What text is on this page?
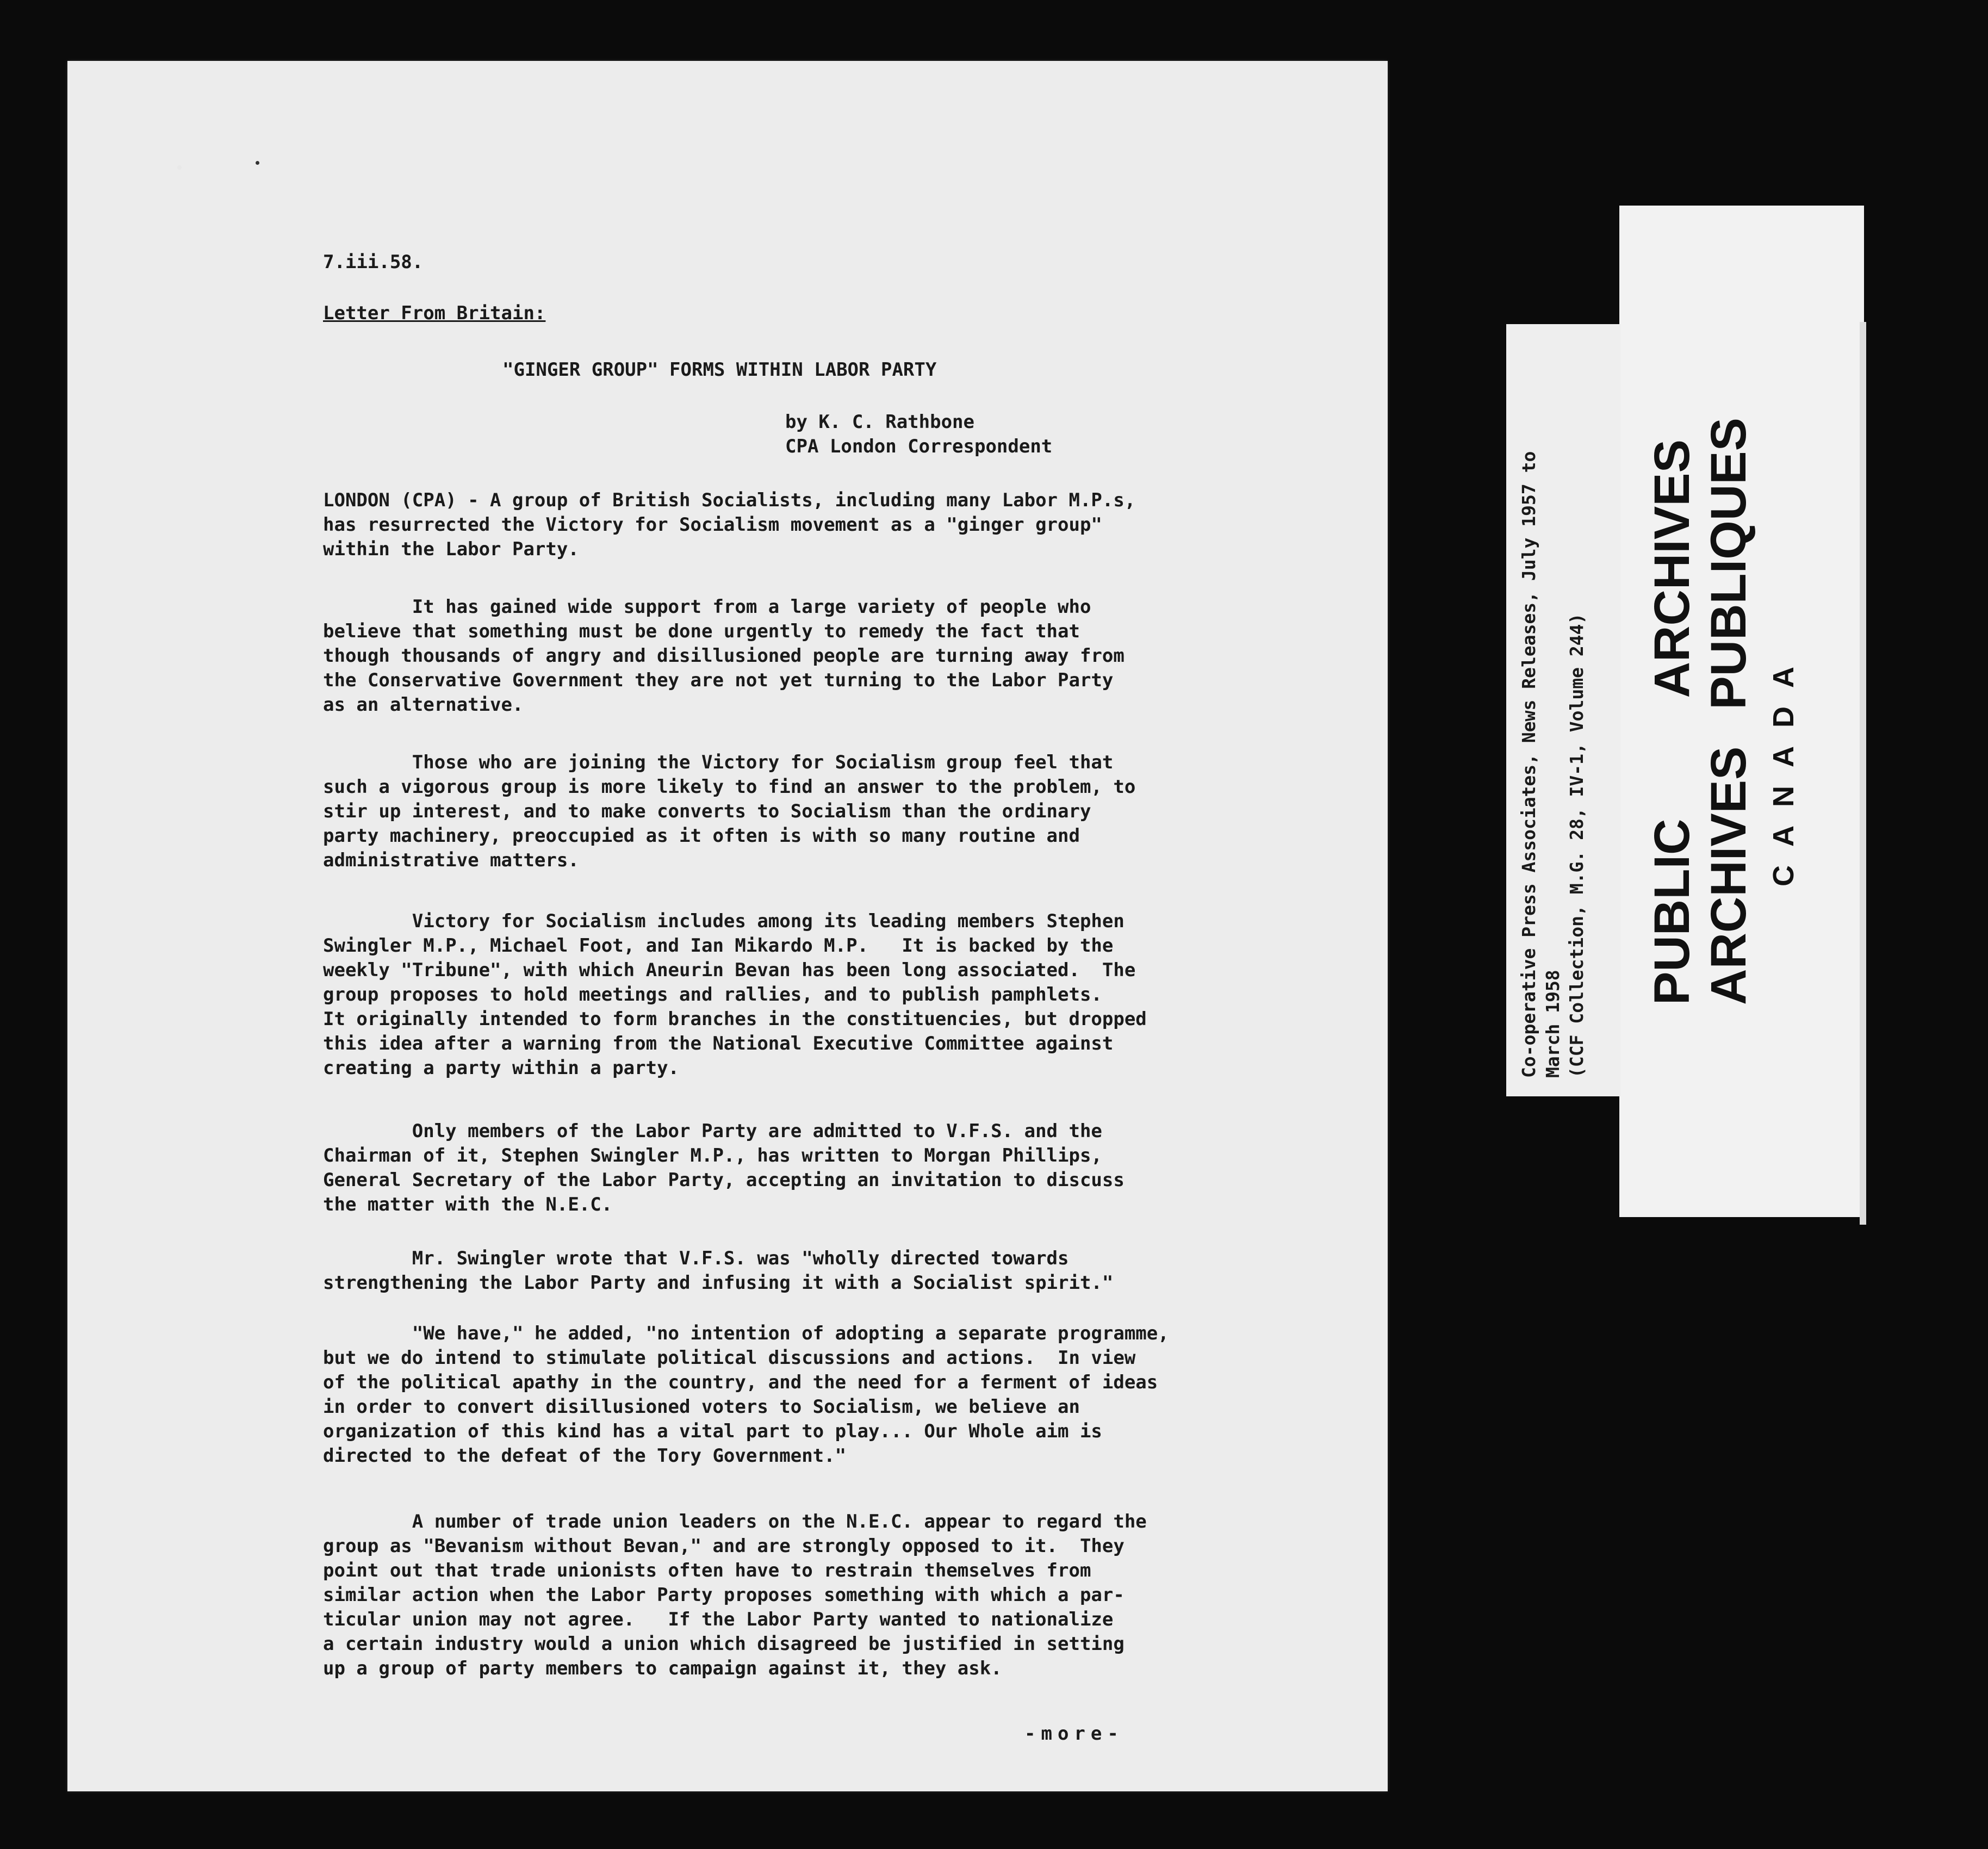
7.iii.58.
Letter From Britain:
"GINGER GROUP" FORMS WITHIN LABOR PARTY
by K. C. Rathbone
CPA London Correspondent
LONDON (CPA) - A group of British Socialists, including many Labor M.P.s,
has resurrected the Victory for Socialism movement as a "ginger group"
within the Labor Party.
It has gained wide support from a large variety of people who
believe that something must be done urgently to remedy the fact that
though thousands of angry and disillusioned people are turning away from
the Conservative Government they are not yet turning to the Labor Party
as an alternative.
Those who are joining the Victory for Socialism group feel that
such a vigorous group is more likely to find an answer to the problem, to
stir up interest, and to make converts to Socialism than the ordinary
party machinery, preoccupied as it often is with so many routine and
administrative matters.
Victory for Socialism includes among its leading members Stephen
Swingler M.P., Michael Foot, and Ian Mikardo M.P.   It is backed by the
weekly "Tribune", with which Aneurin Bevan has been long associated.  The
group proposes to hold meetings and rallies, and to publish pamphlets.
It originally intended to form branches in the constituencies, but dropped
this idea after a warning from the National Executive Committee against
creating a party within a party.
Only members of the Labor Party are admitted to V.F.S. and the
Chairman of it, Stephen Swingler M.P., has written to Morgan Phillips,
General Secretary of the Labor Party, accepting an invitation to discuss
the matter with the N.E.C.
Mr. Swingler wrote that V.F.S. was "wholly directed towards
strengthening the Labor Party and infusing it with a Socialist spirit."
"We have," he added, "no intention of adopting a separate programme,
but we do intend to stimulate political discussions and actions.  In view
of the political apathy in the country, and the need for a ferment of ideas
in order to convert disillusioned voters to Socialism, we believe an
organization of this kind has a vital part to play... Our Whole aim is
directed to the defeat of the Tory Government."
A number of trade union leaders on the N.E.C. appear to regard the
group as "Bevanism without Bevan," and are strongly opposed to it.  They
point out that trade unionists often have to restrain themselves from
similar action when the Labor Party proposes something with which a par-
ticular union may not agree.   If the Labor Party wanted to nationalize
a certain industry would a union which disagreed be justified in setting
up a group of party members to campaign against it, they ask.
-more-
PUBLIC
ARCHIVES
ARCHIVES
PUBLIQUES
CANADA
Co-operative Press Associates, News Releases, July 1957 to March 1958 (CCF Collection, M.G. 28, IV-1, Volume 244)
